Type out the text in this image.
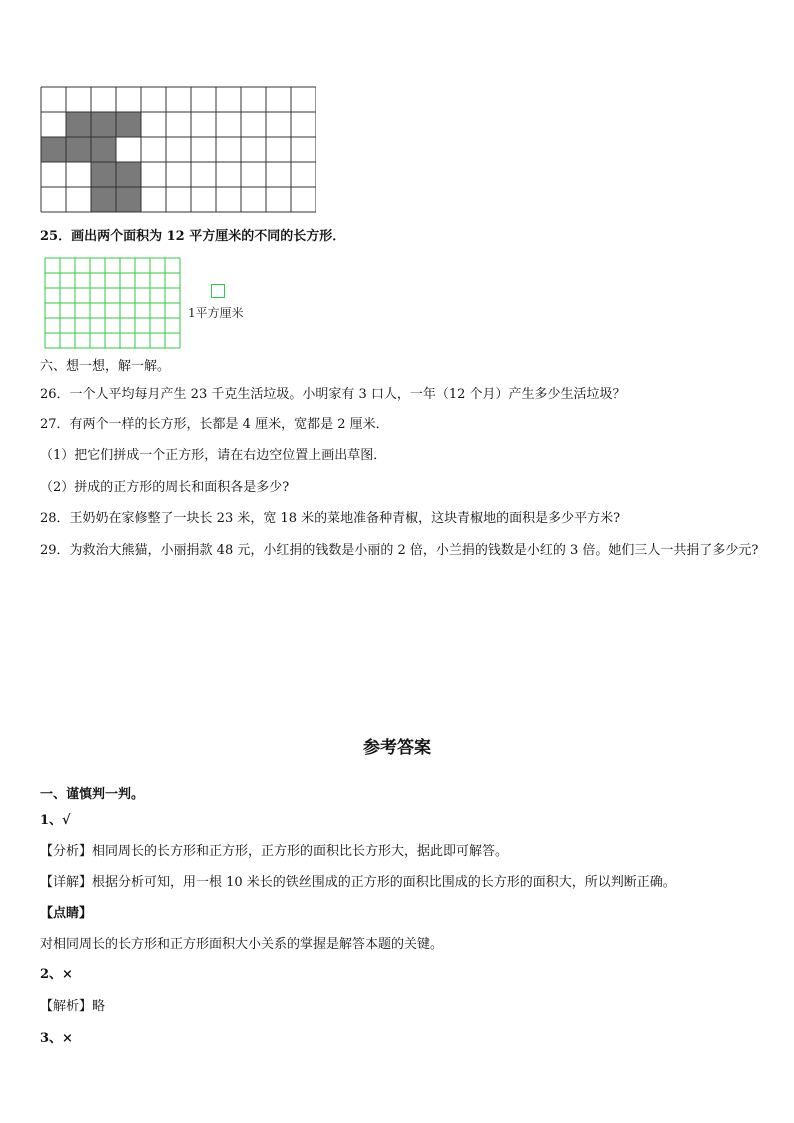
25．画出两个面积为 12 平方厘米的不同的长方形．
1平方厘米
六、想一想，解一解。
26．一个人平均每月产生 23 千克生活垃圾。小明家有 3 口人，一年（12 个月）产生多少生活垃圾？
27．有两个一样的长方形，长都是 4 厘米，宽都是 2 厘米．
（1）把它们拼成一个正方形，请在右边空位置上画出草图．
（2）拼成的正方形的周长和面积各是多少?
28．王奶奶在家修整了一块长 23 米，宽 18 米的菜地准备种青椒，这块青椒地的面积是多少平方米?
29．为救治大熊猫，小丽捐款 48 元，小红捐的钱数是小丽的 2 倍，小兰捐的钱数是小红的 3 倍。她们三人一共捐了多少元?
参考答案
一、谨慎判一判。
1、√
【分析】相同周长的长方形和正方形，正方形的面积比长方形大，据此即可解答。
【详解】根据分析可知，用一根 10 米长的铁丝围成的正方形的面积比围成的长方形的面积大，所以判断正确。
【点睛】
对相同周长的长方形和正方形面积大小关系的掌握是解答本题的关键。
2、×
【解析】略
3、×
